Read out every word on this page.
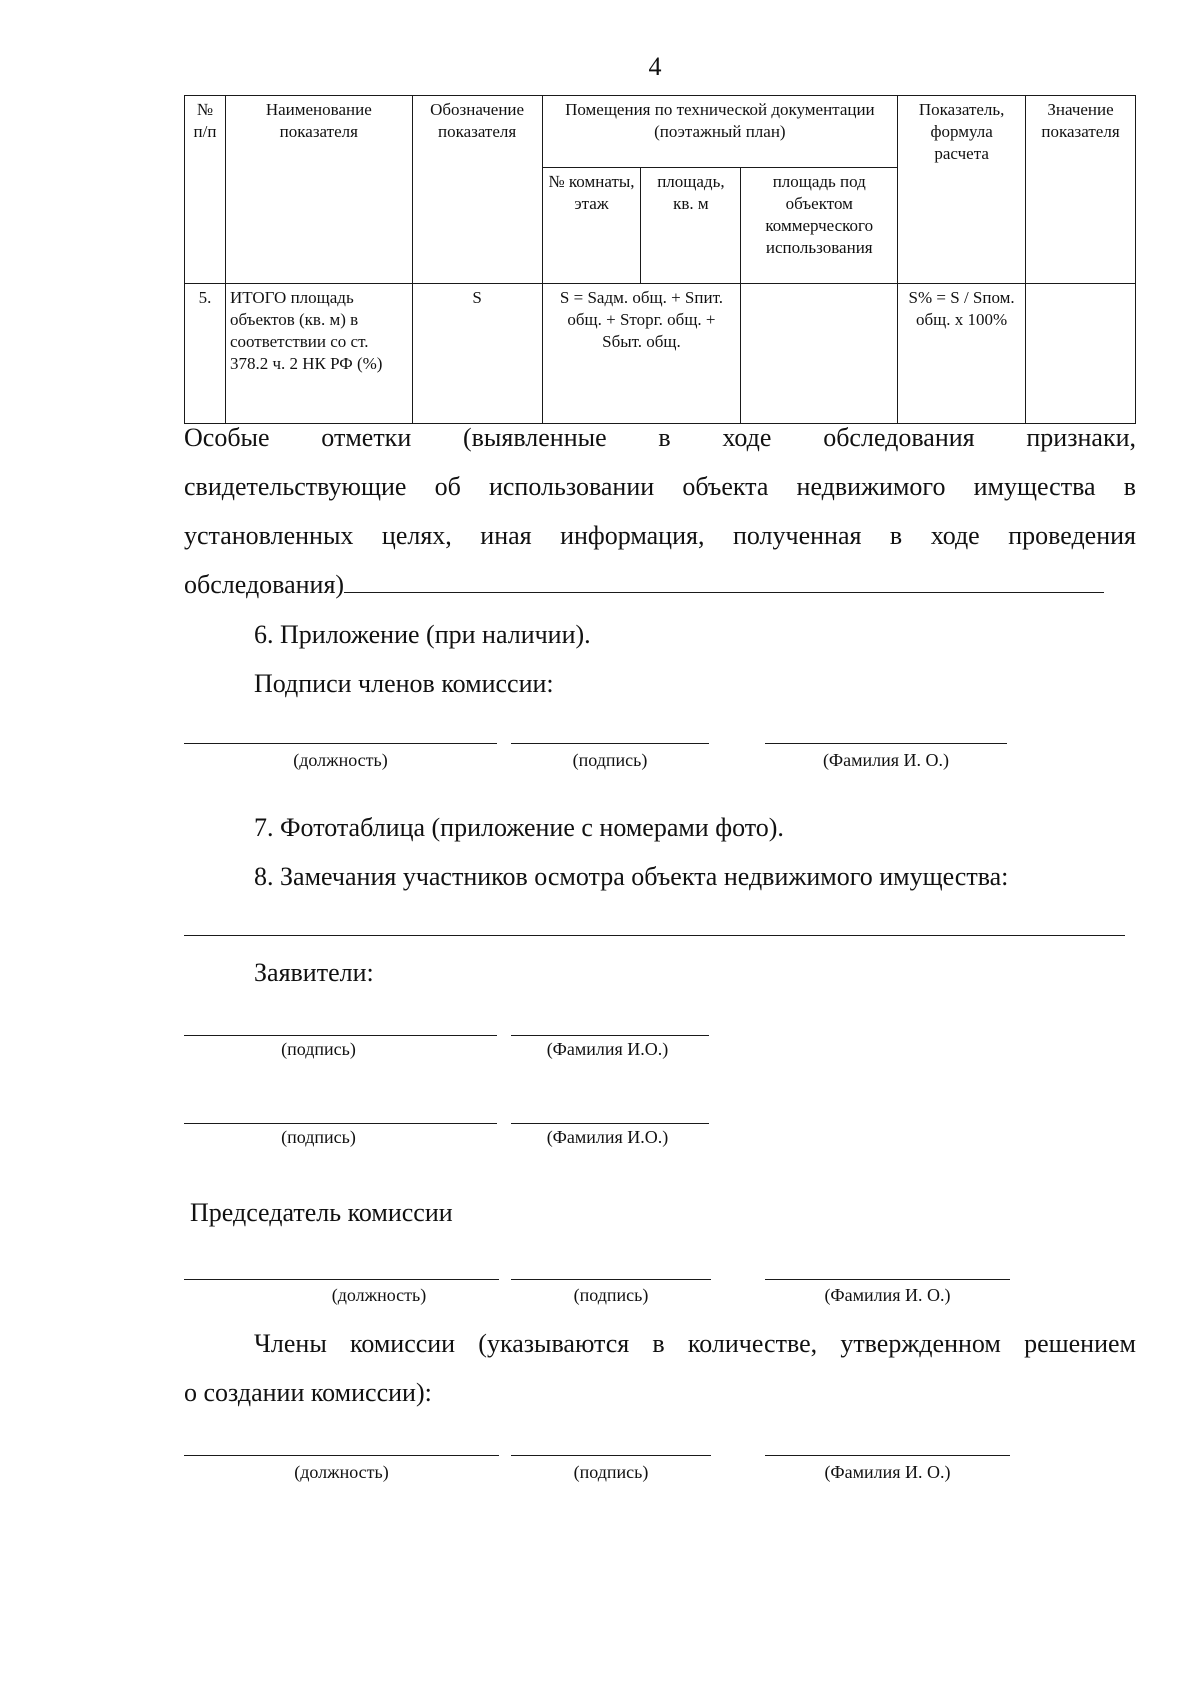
4
№ п/п	Наименование показателя	Обозначение показателя	Помещения по технической документации (поэтажный план)			Показатель, формула расчета	Значение показателя
			№ комнаты, этаж	площадь, кв. м	площадь под объектом коммерческого использования		
5.	ИТОГО площадь объектов (кв. м) в соответствии со ст. 378.2 ч. 2 НК РФ (%)	S	S = Sадм. общ. + Sпит. общ. + Sторг. общ. + Sбыт. общ.			S% = S / Sпом. общ. x 100%	
Особые отметки (выявленные в ходе обследования признаки,
свидетельствующие об использовании объекта недвижимого имущества в
установленных целях, иная информация, полученная в ходе проведения
обследования)
6. Приложение (при наличии).
Подписи членов комиссии:
(должность)	(подпись)	(Фамилия И. О.)
7. Фототаблица (приложение с номерами фото).
8. Замечания участников осмотра объекта недвижимого имущества:
Заявители:
(подпись)	(Фамилия И.О.)
(подпись)	(Фамилия И.О.)
Председатель комиссии
(должность)	(подпись)	(Фамилия И. О.)
Члены комиссии (указываются в количестве, утвержденном решением
о создании комиссии):
(должность)	(подпись)	(Фамилия И. О.)
